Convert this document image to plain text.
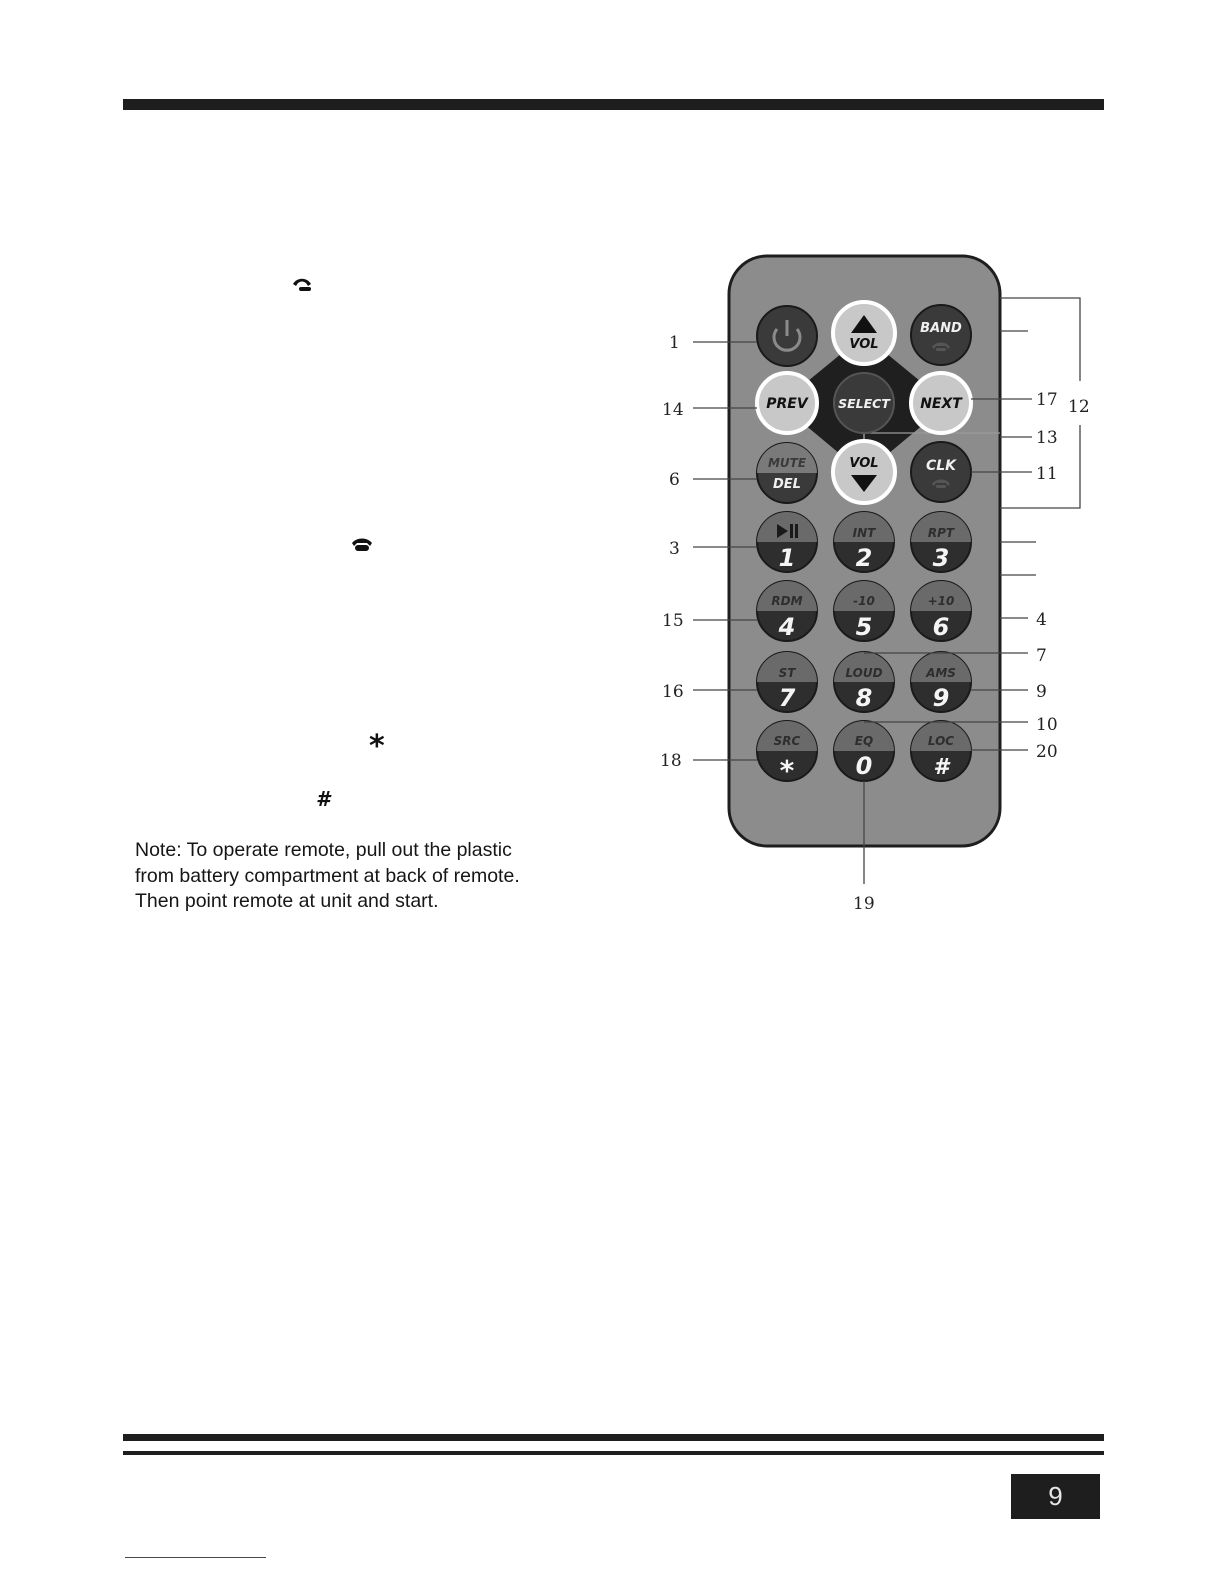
*
#
Note: To operate remote, pull out the plastic
from battery compartment at back of remote.
Then point remote at unit and start.
VOL
BAND
PREV SELECT NEXT
MUTE
DEL
VOL	CLK
1
INT
2
RPT
3
RDM
4
-10
5
+10
6
ST
7
LOUD
8
AMS
9
SRC
*
EQ
0
LOC
#
1
14
6
3
15
16
18
17 12
13
11
4
7
9
10
20
19
9
